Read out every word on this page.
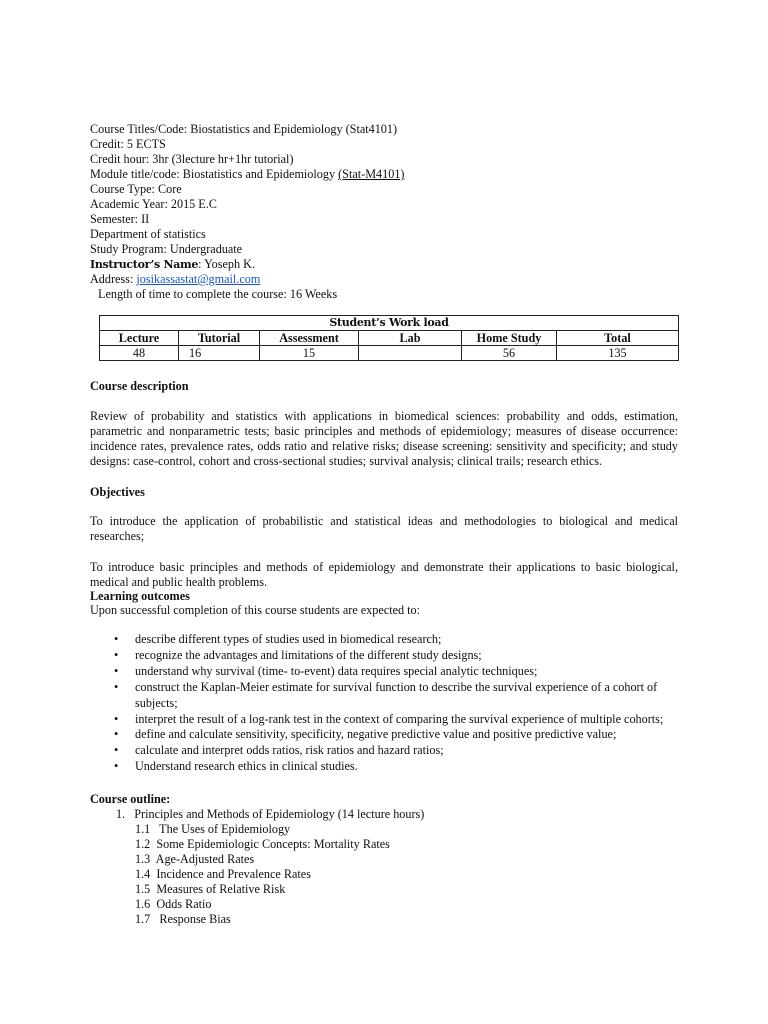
Course Titles/Code: Biostatistics and Epidemiology (Stat4101)
Credit: 5 ECTS
Credit hour: 3hr (3lecture hr+1hr tutorial)
Module title/code: Biostatistics and Epidemiology (Stat-M4101)
Course Type: Core
Academic Year: 2015 E.C
Semester: II
Department of statistics
Study Program: Undergraduate
Instructor’s Name: Yoseph K.
Address: josikassastat@gmail.com
Length of time to complete the course: 16 Weeks
Student’s Work load					
Lecture	Tutorial	Assessment	Lab	Home Study	Total
48	16	15		56	135
Course description
Review of probability and statistics with applications in biomedical sciences: probability and odds, estimation, parametric and nonparametric tests; basic principles and methods of epidemiology; measures of disease occurrence: incidence rates, prevalence rates, odds ratio and relative risks; disease screening: sensitivity and specificity; and study designs: case-control, cohort and cross-sectional studies; survival analysis; clinical trails; research ethics.
Objectives
To introduce the application of probabilistic and statistical ideas and methodologies to biological and medical researches;
To introduce basic principles and methods of epidemiology and demonstrate their applications to basic biological, medical and public health problems.
Learning outcomes
Upon successful completion of this course students are expected to:
• describe different types of studies used in biomedical research;
• recognize the advantages and limitations of the different study designs;
• understand why survival (time- to-event) data requires special analytic techniques;
• construct the Kaplan-Meier estimate for survival function to describe the survival experience of a cohort of subjects;
• interpret the result of a log-rank test in the context of comparing the survival experience of multiple cohorts;
• define and calculate sensitivity, specificity, negative predictive value and positive predictive value;
• calculate and interpret odds ratios, risk ratios and hazard ratios;
• Understand research ethics in clinical studies.
Course outline:
1.   Principles and Methods of Epidemiology (14 lecture hours)
1.1   The Uses of Epidemiology
1.2  Some Epidemiologic Concepts: Mortality Rates
1.3  Age-Adjusted Rates
1.4  Incidence and Prevalence Rates
1.5  Measures of Relative Risk
1.6  Odds Ratio
1.7   Response Bias
